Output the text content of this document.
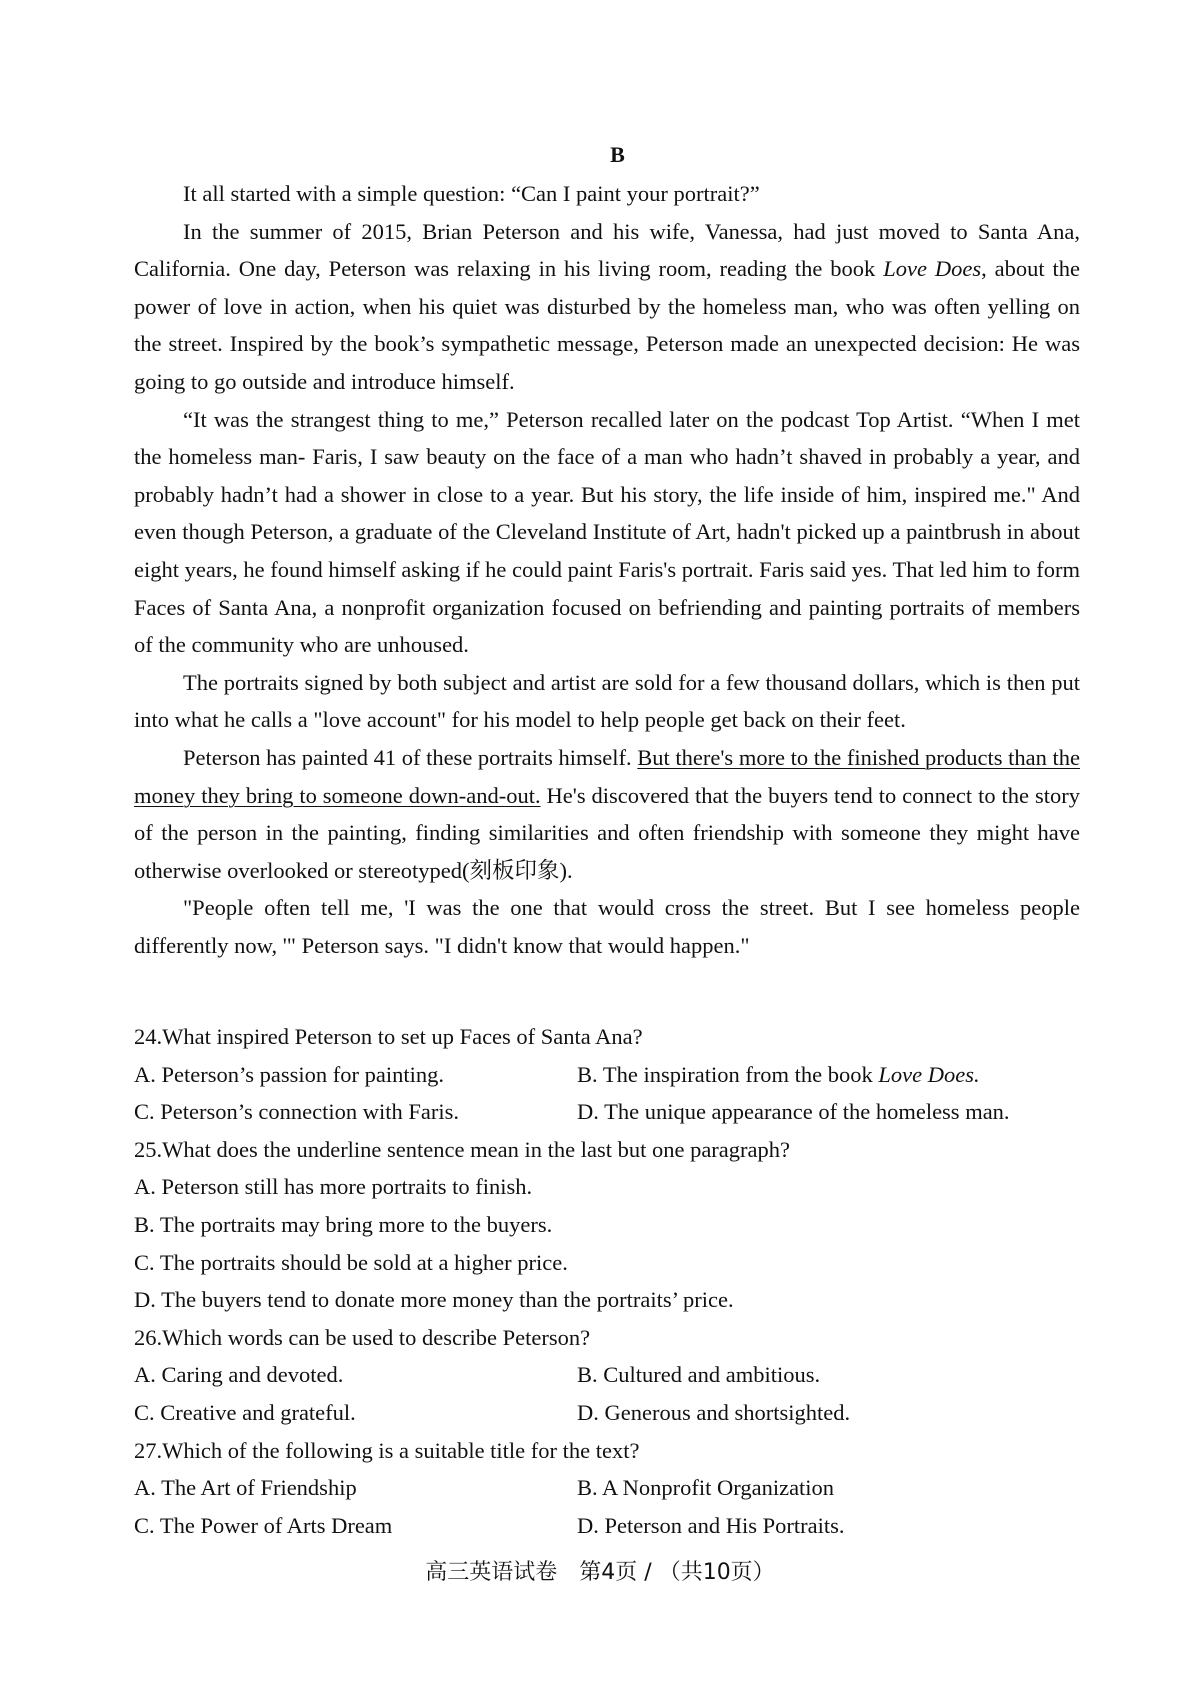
B

It all started with a simple question: “Can I paint your portrait?”

In the summer of 2015, Brian Peterson and his wife, Vanessa, had just moved to Santa Ana, California. One day, Peterson was relaxing in his living room, reading the book Love Does, about the power of love in action, when his quiet was disturbed by the homeless man, who was often yelling on the street. Inspired by the book’s sympathetic message, Peterson made an unexpected decision: He was going to go outside and introduce himself.

“It was the strangest thing to me,” Peterson recalled later on the podcast Top Artist. “When I met the homeless man- Faris, I saw beauty on the face of a man who hadn’t shaved in probably a year, and probably hadn’t had a shower in close to a year. But his story, the life inside of him, inspired me." And even though Peterson, a graduate of the Cleveland Institute of Art, hadn't picked up a paintbrush in about eight years, he found himself asking if he could paint Faris's portrait. Faris said yes. That led him to form Faces of Santa Ana, a nonprofit organization focused on befriending and painting portraits of members of the community who are unhoused.

The portraits signed by both subject and artist are sold for a few thousand dollars, which is then put into what he calls a "love account" for his model to help people get back on their feet.

Peterson has painted 41 of these portraits himself. But there's more to the finished products than the money they bring to someone down-and-out. He's discovered that the buyers tend to connect to the story of the person in the painting, finding similarities and often friendship with someone they might have otherwise overlooked or stereotyped(刻板印象).

"People often tell me, 'I was the one that would cross the street. But I see homeless people differently now, '" Peterson says. "I didn't know that would happen."

24.What inspired Peterson to set up Faces of Santa Ana?

A. Peterson’s passion for painting.	B. The inspiration from the book Love Does.
C. Peterson’s connection with Faris.	D. The unique appearance of the homeless man.

25.What does the underline sentence mean in the last but one paragraph?

A. Peterson still has more portraits to finish.

B. The portraits may bring more to the buyers.

C. The portraits should be sold at a higher price.

D. The buyers tend to donate more money than the portraits’ price.

26.Which words can be used to describe Peterson?

A. Caring and devoted.	B. Cultured and ambitious.
C. Creative and grateful.	D. Generous and shortsighted.

27.Which of the following is a suitable title for the text?

A. The Art of Friendship	B. A Nonprofit Organization
C. The Power of Arts Dream	D. Peterson and His Portraits.
高三英语试卷　第4页 / （共10页）
